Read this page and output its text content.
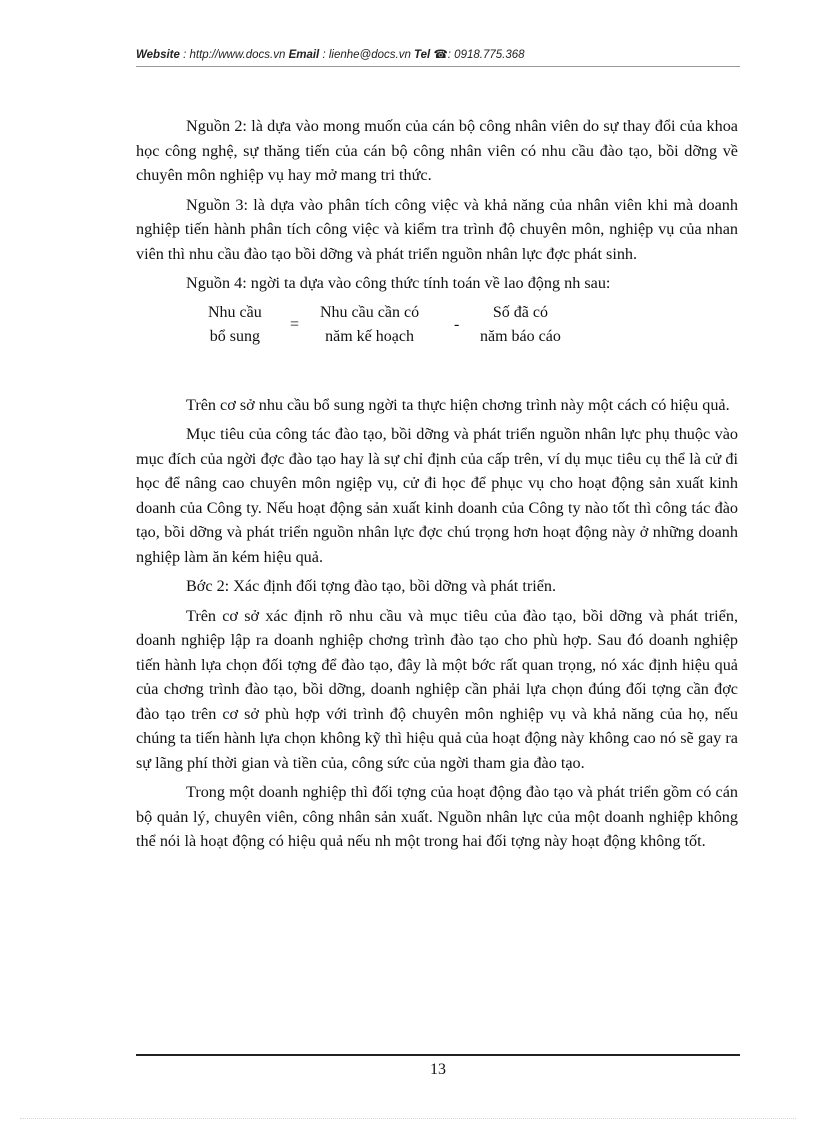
Website : http://www.docs.vn Email : lienhe@docs.vn Tel ☎: 0918.775.368

Nguồn 2: là dựa vào mong muốn của cán bộ công nhân viên do sự thay đổi của khoa học công nghệ, sự thăng tiến của cán bộ công nhân viên có nhu cầu đào tạo, bồi dỡng về chuyên môn nghiệp vụ hay mở mang tri thức.

Nguồn 3: là dựa vào phân tích công việc và khả năng của nhân viên khi mà doanh nghiệp tiến hành phân tích công việc và kiểm tra trình độ chuyên môn, nghiệp vụ của nhan viên thì nhu cầu đào tạo bồi dỡng và phát triển nguồn nhân lực đợc phát sinh.

Nguồn 4: ngời ta dựa vào công thức tính toán về lao động nh sau:

Nhu cầu
bổ sung
=
Nhu cầu cần có
năm kế hoạch
-
Số đã có
năm báo cáo

Trên cơ sở nhu cầu bổ sung ngời ta thực hiện chơng trình này một cách có hiệu quả.

Mục tiêu của công tác đào tạo, bồi dỡng và phát triển nguồn nhân lực phụ thuộc vào mục đích của ngời đợc đào tạo hay là sự chỉ định của cấp trên, ví dụ mục tiêu cụ thể là cử đi học để nâng cao chuyên môn ngiệp vụ, cử đi học để phục vụ cho hoạt động sản xuất kinh doanh của Công ty. Nếu hoạt động sản xuất kinh doanh của Công ty nào tốt thì công tác đào tạo, bồi dỡng và phát triển nguồn nhân lực đợc chú trọng hơn hoạt động này ở những doanh nghiệp làm ăn kém hiệu quả.

Bớc 2: Xác định đối tợng đào tạo, bồi dỡng và phát triển.

Trên cơ sở xác định rõ nhu cầu và mục tiêu của đào tạo, bồi dỡng và phát triển, doanh nghiệp lập ra doanh nghiệp chơng trình đào tạo cho phù hợp. Sau đó doanh nghiệp tiến hành lựa chọn đối tợng để đào tạo, đây là một bớc rất quan trọng, nó xác định hiệu quả của chơng trình đào tạo, bồi dỡng, doanh nghiệp cần phải lựa chọn đúng đối tợng cần đợc đào tạo trên cơ sở phù hợp với trình độ chuyên môn nghiệp vụ và khả năng của họ, nếu chúng ta tiến hành lựa chọn không kỹ thì hiệu quả của hoạt động này không cao nó sẽ gay ra sự lãng phí thời gian và tiền của, công sức của ngời tham gia đào tạo.

Trong một doanh nghiệp thì đối tợng của hoạt động đào tạo và phát triển gồm có cán bộ quản lý, chuyên viên, công nhân sản xuất. Nguồn nhân lực của một doanh nghiệp không thể nói là hoạt động có hiệu quả nếu nh một trong hai đối tợng này hoạt động không tốt.

13
